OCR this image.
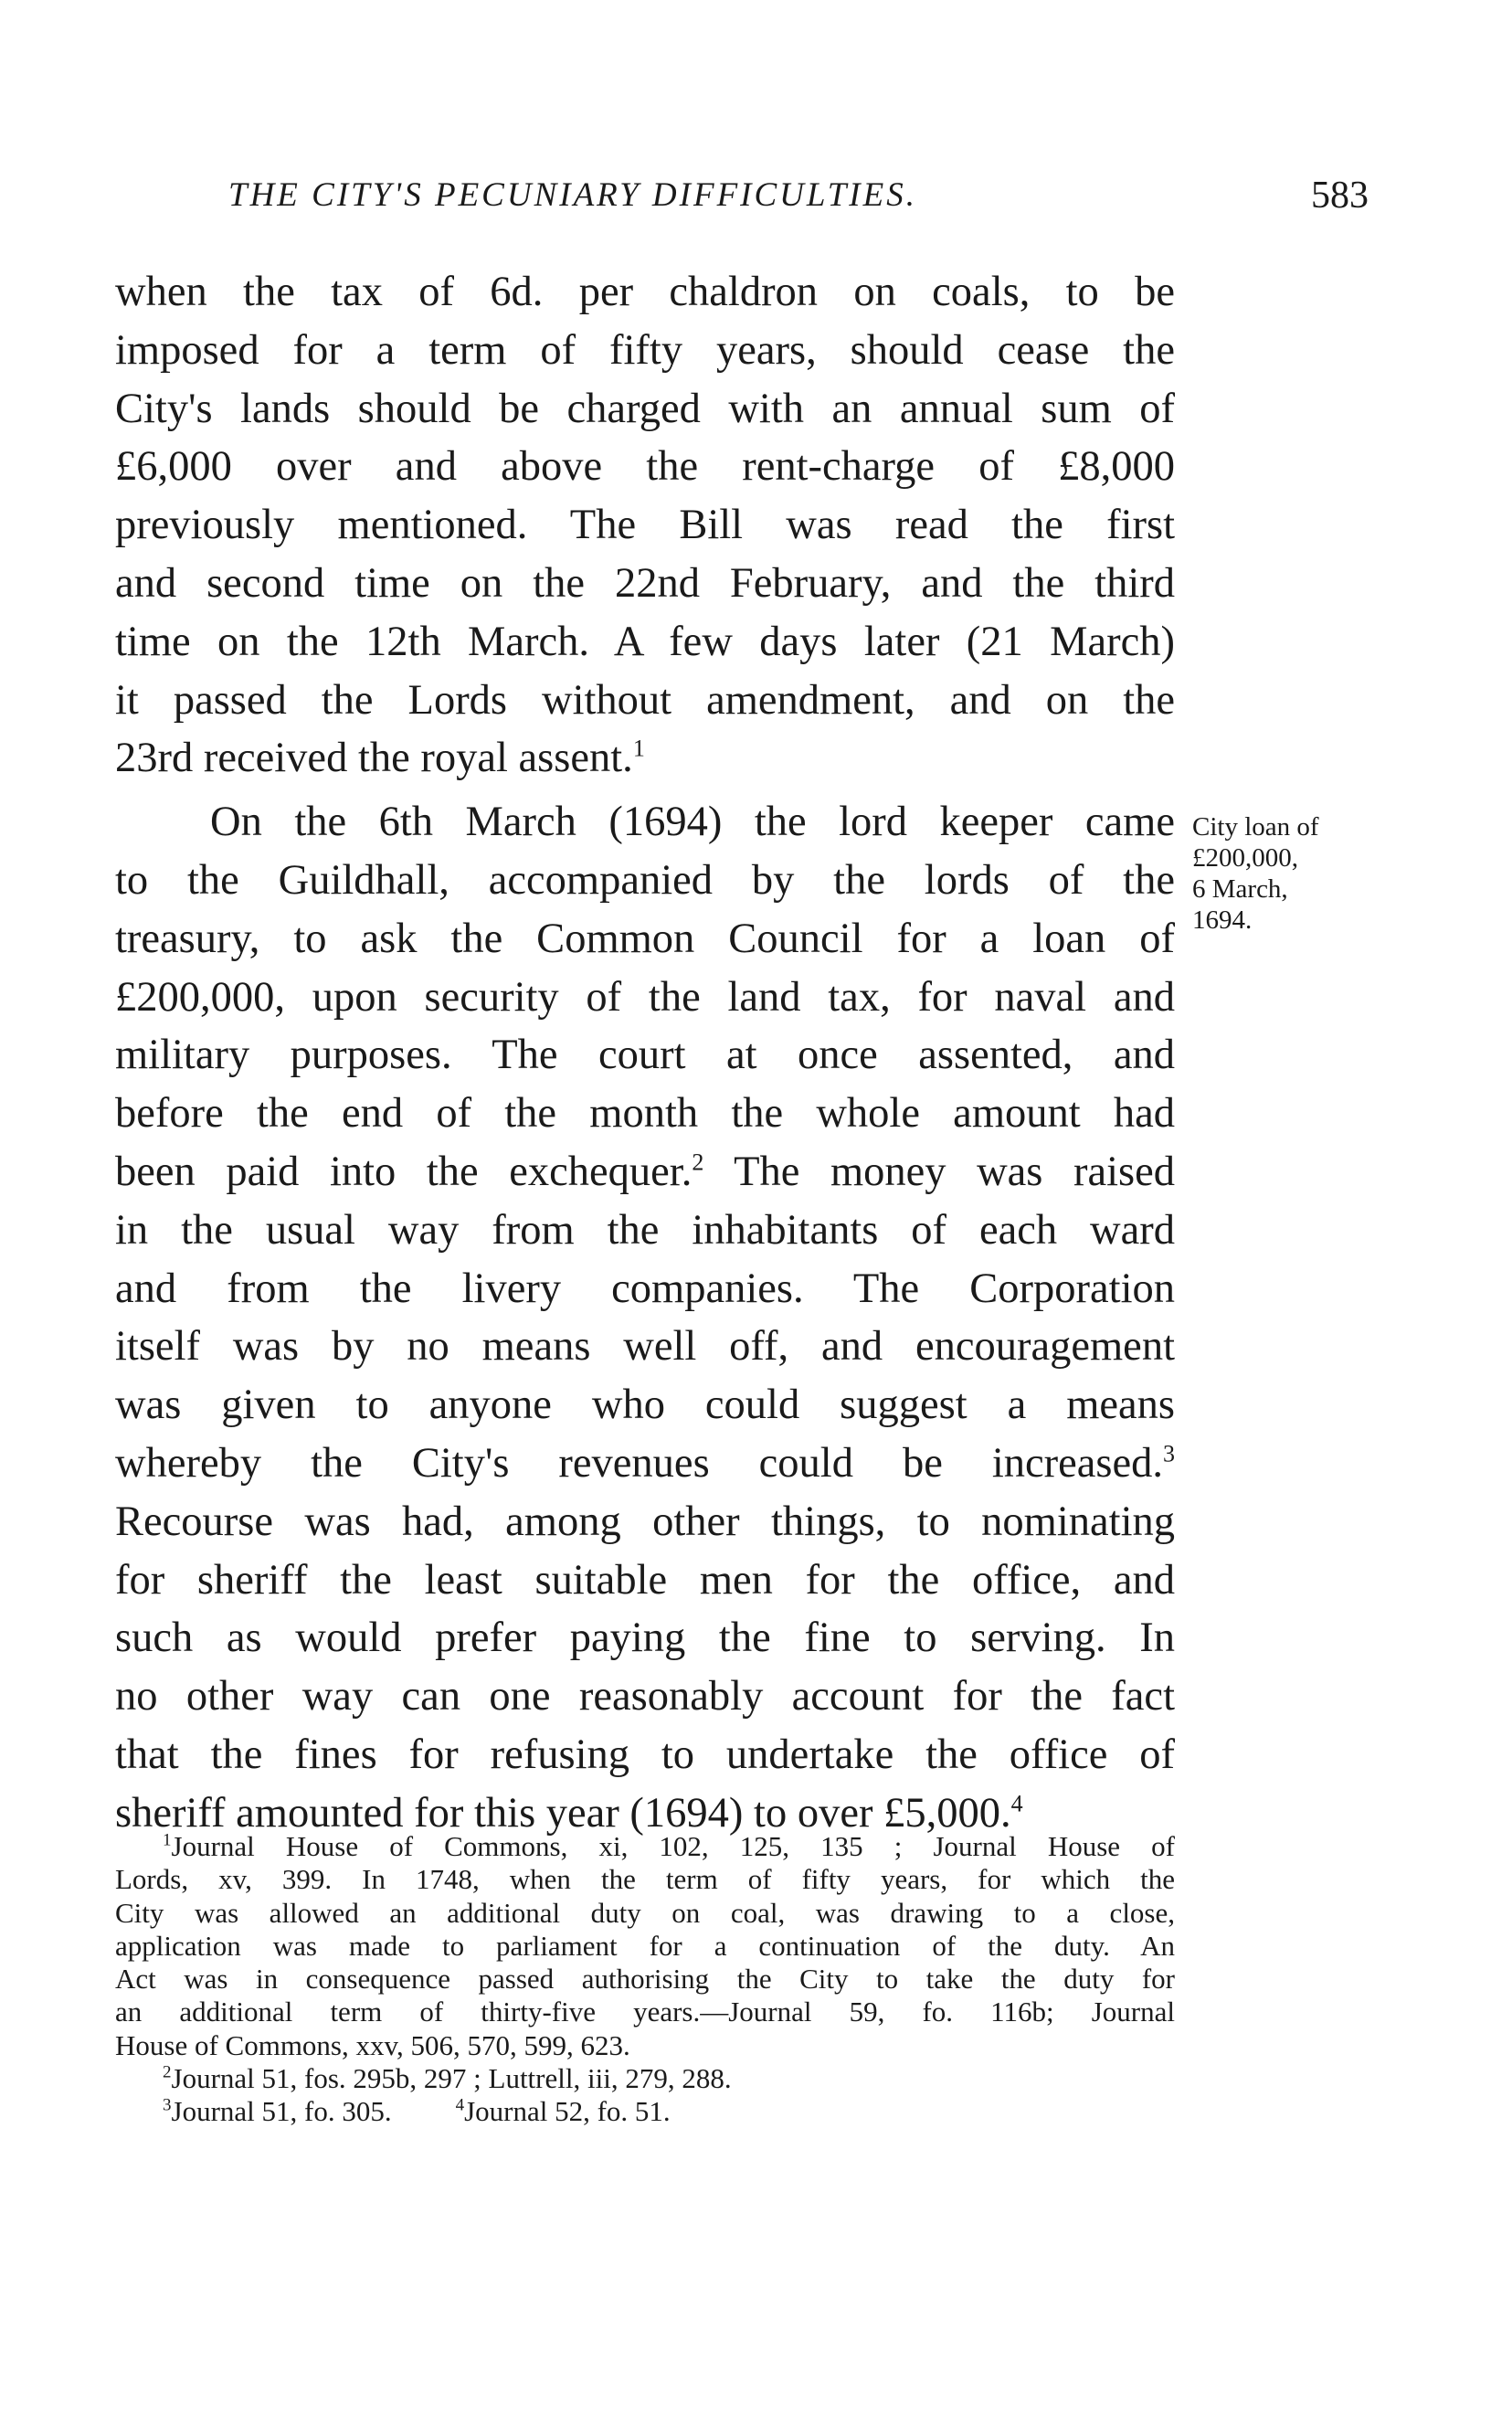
THE CITY'S PECUNIARY DIFFICULTIES.	583
when the tax of 6d. per chaldron on coals, to be
imposed for a term of fifty years, should cease the
City's lands should be charged with an annual sum of
£6,000 over and above the rent-charge of £8,000
previously mentioned. The Bill was read the first
and second time on the 22nd February, and the third
time on the 12th March. A few days later (21 March)
it passed the Lords without amendment, and on the
23rd received the royal assent.$^1$
On the 6th March (1694) the lord keeper came
to the Guildhall, accompanied by the lords of the
treasury, to ask the Common Council for a loan of
£200,000, upon security of the land tax, for naval and
military purposes. The court at once assented, and
before the end of the month the whole amount had
been paid into the exchequer.$^2$ The money was raised
in the usual way from the inhabitants of each ward
and from the livery companies. The Corporation
itself was by no means well off, and encouragement
was given to anyone who could suggest a means
whereby the City's revenues could be increased.$^3$
Recourse was had, among other things, to nominating
for sheriff the least suitable men for the office, and
such as would prefer paying the fine to serving. In
no other way can one reasonably account for the fact
that the fines for refusing to undertake the office of
sheriff amounted for this year (1694) to over £5,000.$^4$
City loan of
£200,000,
6 March,
1694.
$^1$Journal House of Commons, xi, 102, 125, 135 ; Journal House of
Lords, xv, 399. In 1748, when the term of fifty years, for which the
City was allowed an additional duty on coal, was drawing to a close,
application was made to parliament for a continuation of the duty. An
Act was in consequence passed authorising the City to take the duty for
an additional term of thirty-five years.—Journal 59, fo. 116b; Journal
House of Commons, xxv, 506, 570, 599, 623.
$^2$Journal 51, fos. 295b, 297 ; Luttrell, iii, 279, 288.
$^3$Journal 51, fo. 305.	$^4$Journal 52, fo. 51.
